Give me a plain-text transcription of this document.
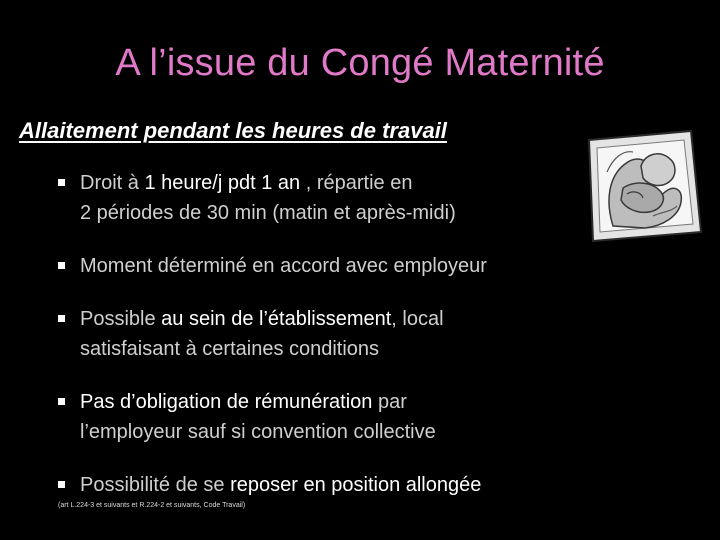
A l’issue du Congé Maternité
Allaitement pendant les heures de travail
Droit à 1 heure/j pdt 1 an , répartie en
2 périodes de 30 min (matin et après-midi)
Moment déterminé en accord avec employeur
Possible au sein de l’établissement, local
satisfaisant à certaines conditions
Pas d’obligation de rémunération par
l’employeur sauf si convention collective
Possibilité de se reposer en position allongée
(art L.224-3 et suivants et R.224-2 et suivants, Code Travail)
